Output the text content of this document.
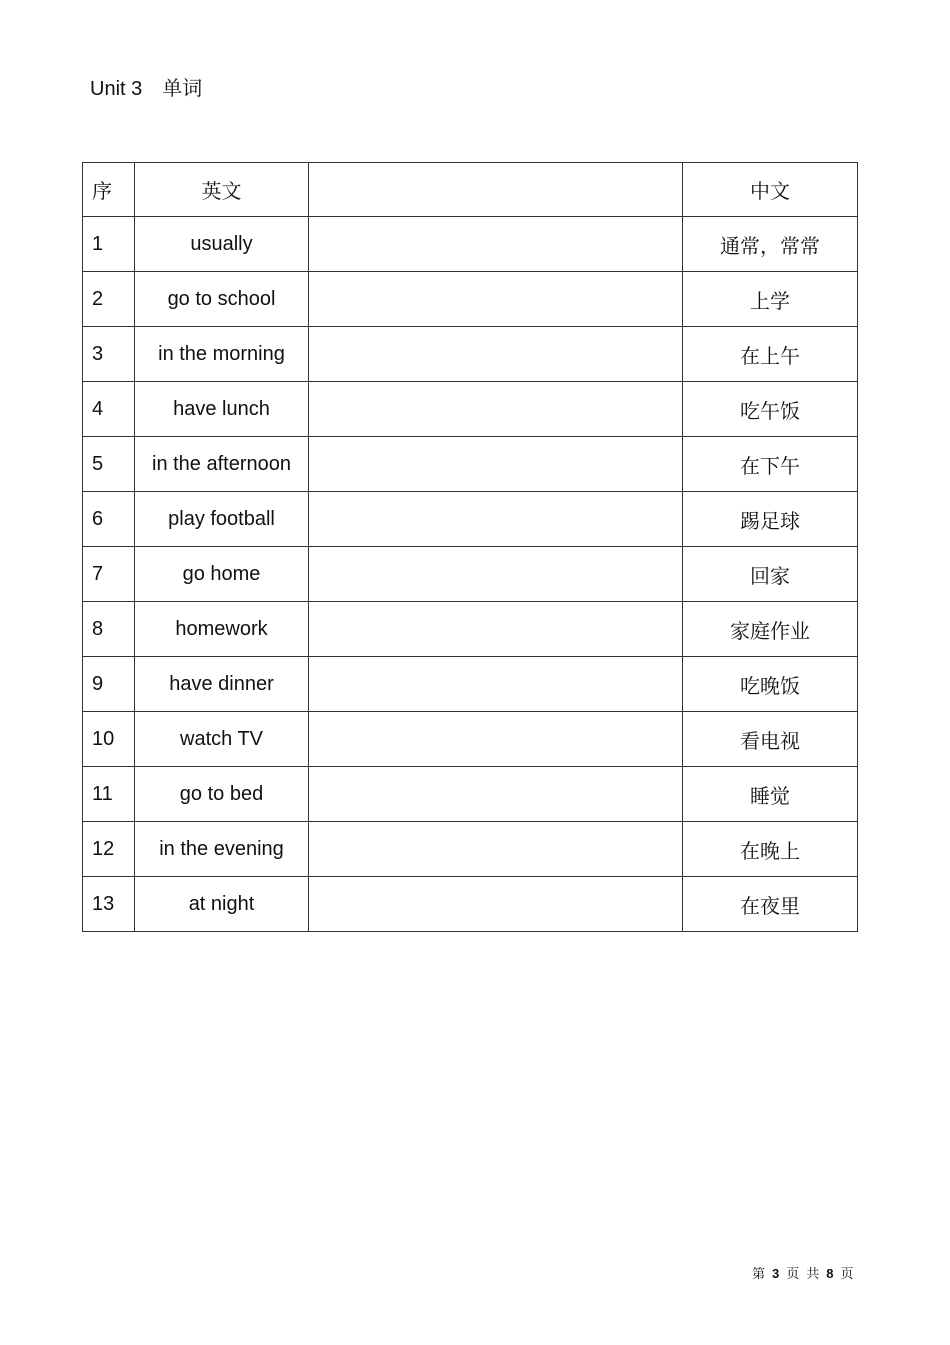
Unit 3 单词
序	英文		中文
1	usually		通常，常常
2	go to school		上学
3	in the morning		在上午
4	have lunch		吃午饭
5	in the afternoon		在下午
6	play football		踢足球
7	go home		回家
8	homework		家庭作业
9	have dinner		吃晚饭
10	watch TV		看电视
11	go to bed		睡觉
12	in the evening		在晚上
13	at night		在夜里
第 3 页 共 8 页
